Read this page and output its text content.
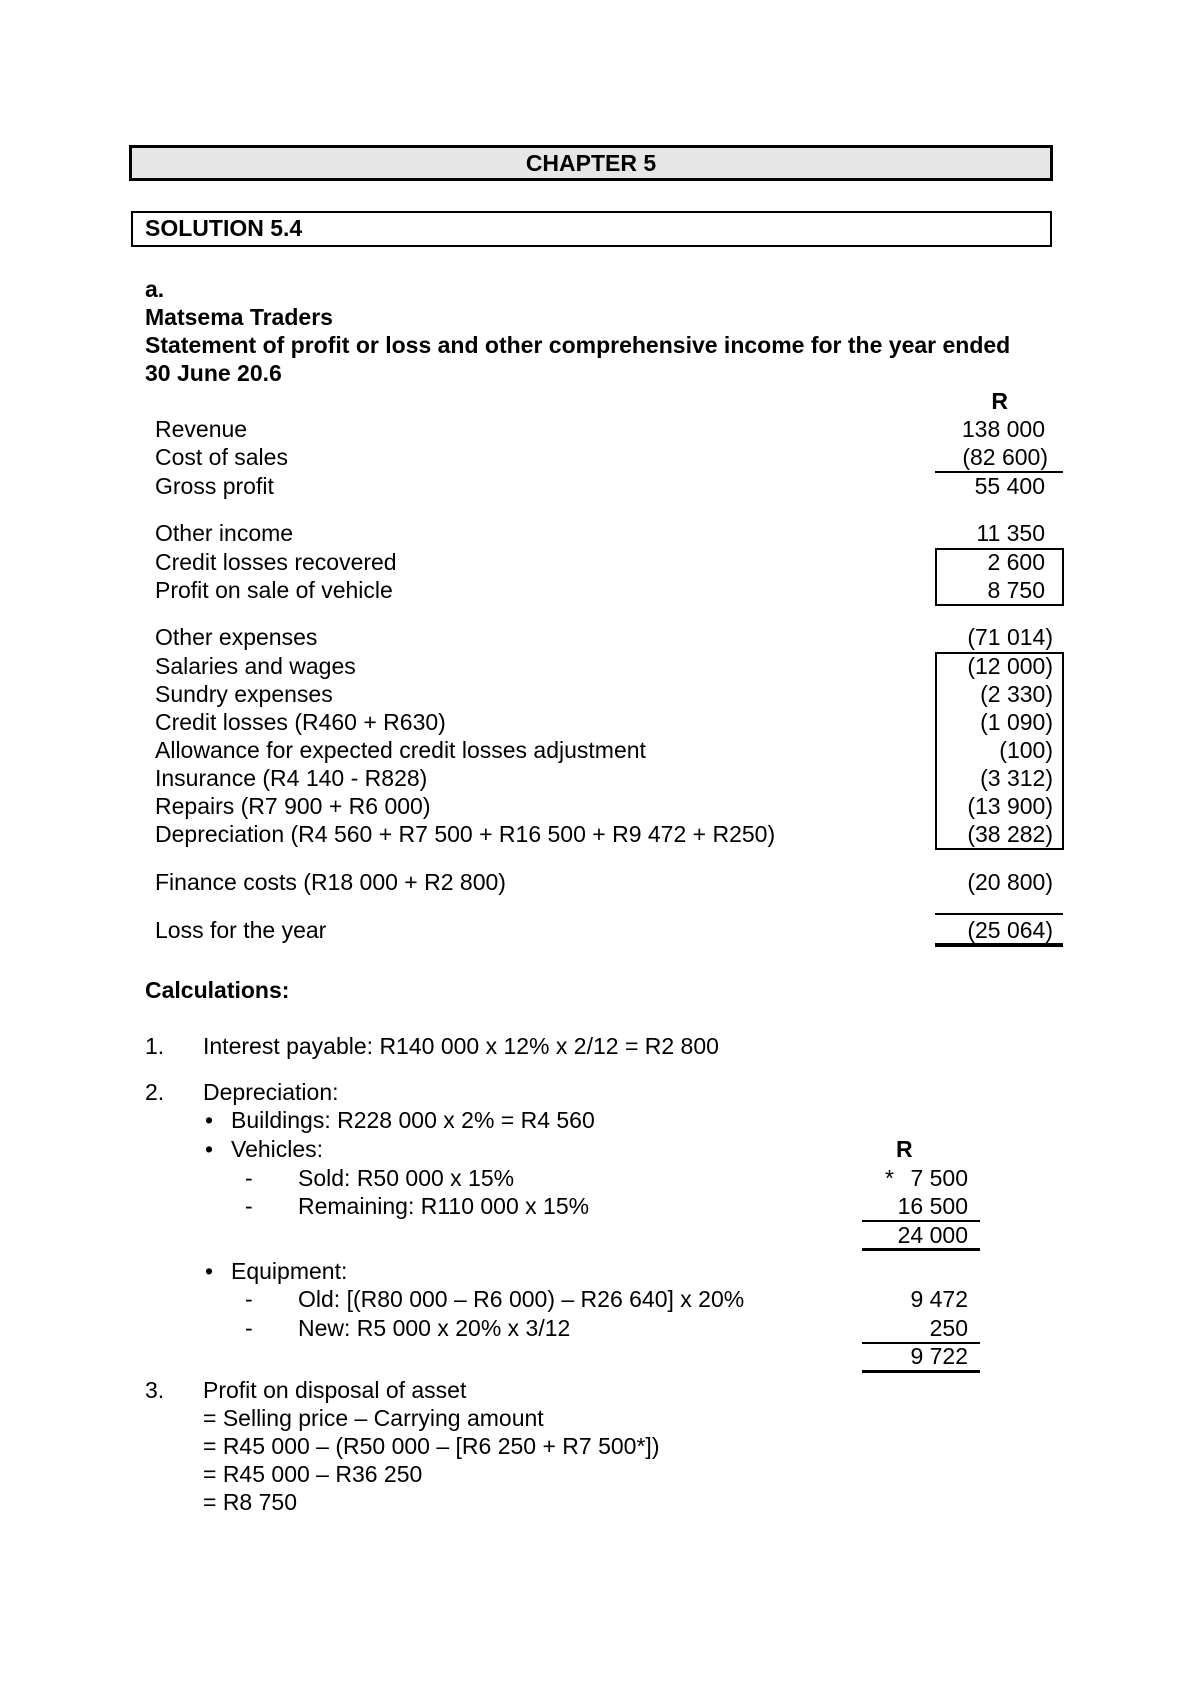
CHAPTER 5
SOLUTION 5.4
a.
Matsema Traders
Statement of profit or loss and other comprehensive income for the year ended
30 June 20.6
R
Revenue	138 000
Cost of sales	(82 600)
Gross profit	55 400
Other income	11 350
Credit losses recovered	2 600
Profit on sale of vehicle	8 750
Other expenses	(71 014)
Salaries and wages	(12 000)
Sundry expenses	(2 330)
Credit losses (R460 + R630)	(1 090)
Allowance for expected credit losses adjustment	(100)
Insurance (R4 140 - R828)	(3 312)
Repairs (R7 900 + R6 000)	(13 900)
Depreciation (R4 560 + R7 500 + R16 500 + R9 472 + R250)	(38 282)
Finance costs (R18 000 + R2 800)	(20 800)
Loss for the year	(25 064)
Calculations:
1. Interest payable: R140 000 x 12% x 2/12 = R2 800
2. Depreciation:
• Buildings: R228 000 x 2% = R4 560
• Vehicles:	R
- Sold: R50 000 x 15%	* 7 500
- Remaining: R110 000 x 15%	16 500
24 000
• Equipment:
- Old: [(R80 000 – R6 000) – R26 640] x 20%	9 472
- New: R5 000 x 20% x 3/12	250
9 722
3. Profit on disposal of asset
= Selling price – Carrying amount
= R45 000 – (R50 000 – [R6 250 + R7 500*])
= R45 000 – R36 250
= R8 750
